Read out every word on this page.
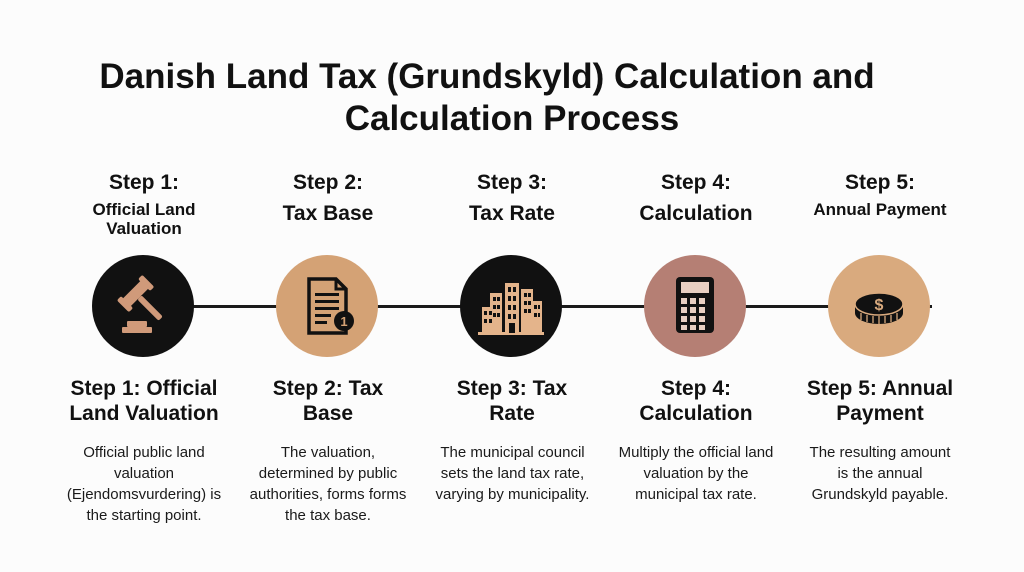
Danish Land Tax (Grundskyld) Calculation and
Calculation Process
Step 1:
Official Land Valuation
Step 1: Official Land Valuation
Official public land valuation (Ejendomsvurdering) is the starting point.
Step 2:
Tax Base
1
Step 2: Tax Base
The valuation, determined by public authorities, forms forms the tax base.
Step 3:
Tax Rate
Step 3: Tax Rate
The municipal council sets the land tax rate, varying by municipality.
Step 4:
Calculation
Step 4: Calculation
Multiply the official land valuation by the municipal tax rate.
Step 5:
Annual Payment
$
Step 5: Annual Payment
The resulting amount is the annual Grundskyld payable.
